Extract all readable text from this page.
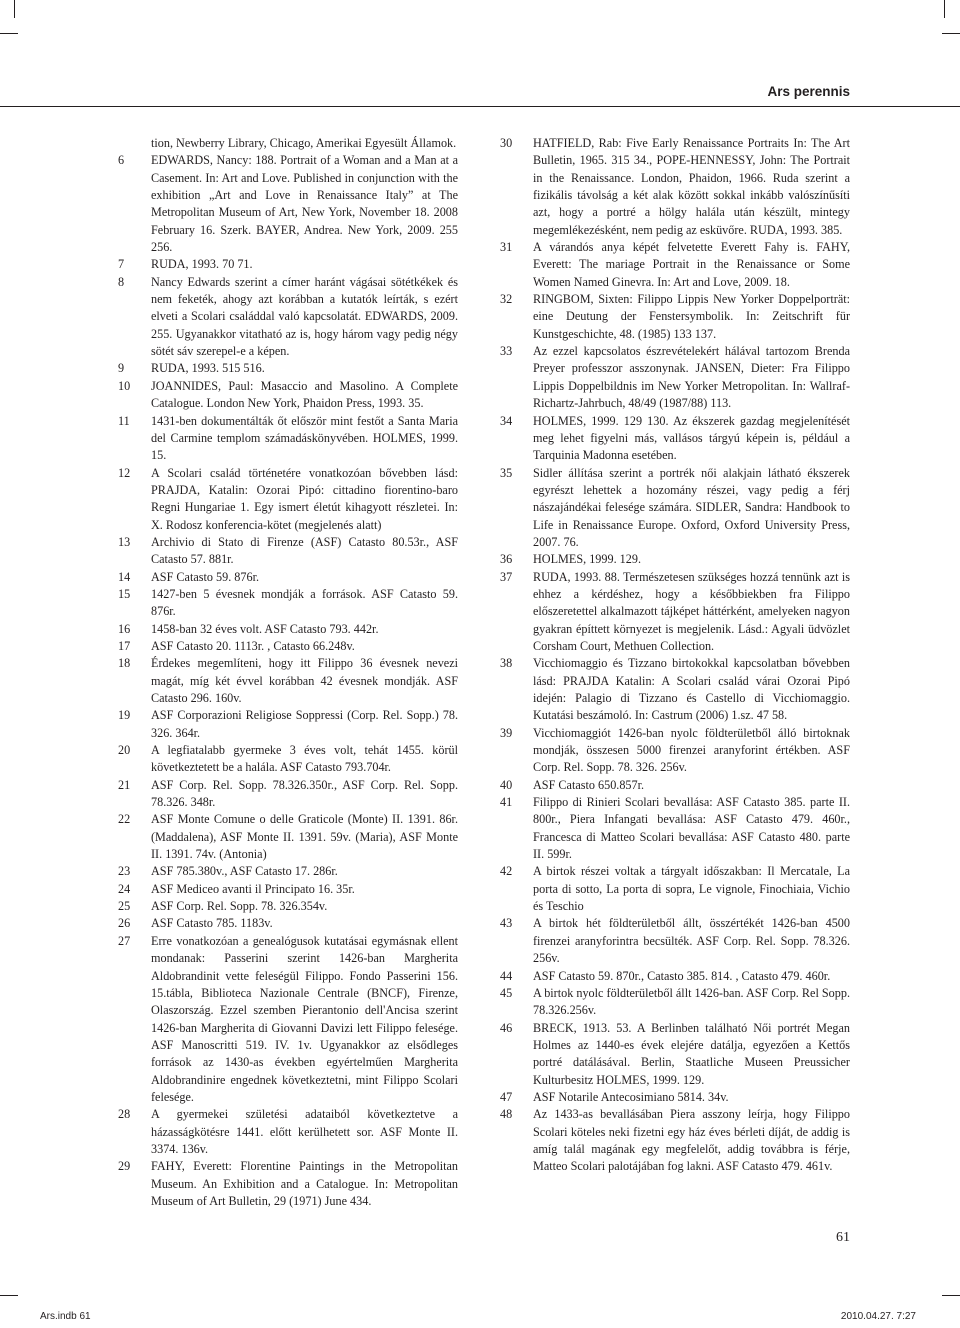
Ars perennis
tion, Newberry Library, Chicago, Amerikai Egyesült Államok.
6	EDWARDS, Nancy: 188. Portrait of a Woman and a Man at a Casement. In: Art and Love. Published in conjunction with the exhibition „Art and Love in Renaissance Italy” at The Metropolitan Museum of Art, New York, November 18. 2008 February 16. Szerk. BAYER, Andrea. New York, 2009. 255 256.
7	RUDA, 1993. 70 71.
8	Nancy Edwards szerint a címer haránt vágásai sötétkékek és nem feketék, ahogy azt korábban a kutatók leírták, s ezért elveti a Scolari családdal való kapcsolatát. EDWARDS, 2009. 255. Ugyanakkor vitatható az is, hogy három vagy pedig négy sötét sáv szerepel-e a képen.
9	RUDA, 1993. 515 516.
10	JOANNIDES, Paul: Masaccio and Masolino. A Complete Catalogue. London New York, Phaidon Press, 1993. 35.
11	1431-ben dokumentálták őt először mint festőt a Santa Maria del Carmine templom számadáskönyvében. HOLMES, 1999. 15.
12	A Scolari család történetére vonatkozóan bővebben lásd: PRAJDA, Katalin: Ozorai Pipó: cittadino fiorentino-baro Regni Hungariae 1. Egy ismert életút kihagyott részletei. In: X. Rodosz konferencia-kötet (megjelenés alatt)
13	Archivio di Stato di Firenze (ASF) Catasto 80.53r., ASF Catasto 57. 881r.
14	ASF Catasto 59. 876r.
15	1427-ben 5 évesnek mondják a források. ASF Catasto 59. 876r.
16	1458-ban 32 éves volt. ASF Catasto 793. 442r.
17	ASF Catasto 20. 1113r. , Catasto 66.248v.
18	Érdekes megemlíteni, hogy itt Filippo 36 évesnek nevezi magát, míg két évvel korábban 42 évesnek mondják. ASF Catasto 296. 160v.
19	ASF Corporazioni Religiose Soppressi (Corp. Rel. Sopp.) 78. 326. 364r.
20	A legfiatalabb gyermeke 3 éves volt, tehát 1455. körül következtetett be a halála. ASF Catasto 793.704r.
21	ASF Corp. Rel. Sopp. 78.326.350r., ASF Corp. Rel. Sopp. 78.326. 348r.
22	ASF Monte Comune o delle Graticole (Monte) II. 1391. 86r. (Maddalena), ASF Monte II. 1391. 59v. (Maria), ASF Monte II. 1391. 74v. (Antonia)
23	ASF 785.380v., ASF Catasto 17. 286r.
24	ASF Mediceo avanti il Principato 16. 35r.
25	ASF Corp. Rel. Sopp. 78. 326.354v.
26	ASF Catasto 785. 1183v.
27	Erre vonatkozóan a genealógusok kutatásai egymásnak ellent mondanak: Passerini szerint 1426-ban Margherita Aldobrandinit vette feleségül Filippo. Fondo Passerini 156. 15.tábla, Biblioteca Nazionale Centrale (BNCF), Firenze, Olaszország. Ezzel szemben Pierantonio dell'Ancisa szerint 1426-ban Margherita di Giovanni Davizi lett Filippo felesége. ASF Manoscritti 519. IV. 1v. Ugyanakkor az elsődleges források az 1430-as években egyértelműen Margherita Aldobrandinire engednek következtetni, mint Filippo Scolari felesége.
28	A gyermekei születési adataiból következtetve a házasságkötésre 1441. előtt kerülhetett sor. ASF Monte II. 3374. 136v.
29	FAHY, Everett: Florentine Paintings in the Metropolitan Museum. An Exhibition and a Catalogue. In: Metropolitan Museum of Art Bulletin, 29 (1971) June 434.
30	HATFIELD, Rab: Five Early Renaissance Portraits In: The Art Bulletin, 1965. 315 34., POPE-HENNESSY, John: The Portrait in the Renaissance. London, Phaidon, 1966. Ruda szerint a fizikális távolság a két alak között sokkal inkább valószínűsíti azt, hogy a portré a hölgy halála után készült, mintegy megemlékezésként, nem pedig az esküvőre. RUDA, 1993. 385.
31	A várandós anya képét felvetette Everett Fahy is. FAHY, Everett: The mariage Portrait in the Renaissance or Some Women Named Ginevra. In: Art and Love, 2009. 18.
32	RINGBOM, Sixten: Filippo Lippis New Yorker Doppelporträt: eine Deutung der Fenstersymbolik. In: Zeitschrift für Kunstgeschichte, 48. (1985) 133 137.
33	Az ezzel kapcsolatos észrevételekért hálával tartozom Brenda Preyer professzor asszonynak. JANSEN, Dieter: Fra Filippo Lippis Doppelbildnis im New Yorker Metropolitan. In: Wallraf-Richartz-Jahrbuch, 48/49 (1987/88) 113.
34	HOLMES, 1999. 129 130. Az ékszerek gazdag megjelenítését meg lehet figyelni más, vallásos tárgyú képein is, például a Tarquinia Madonna esetében.
35	Sidler állítása szerint a portrék női alakjain látható ékszerek egyrészt lehettek a hozomány részei, vagy pedig a férj nászajándékai felesége számára. SIDLER, Sandra: Handbook to Life in Renaissance Europe. Oxford, Oxford University Press, 2007. 76.
36	HOLMES, 1999. 129.
37	RUDA, 1993. 88. Természetesen szükséges hozzá tennünk azt is ehhez a kérdéshez, hogy a későbbiekben fra Filippo előszeretettel alkalmazott tájképet háttérként, amelyeken nagyon gyakran építtett környezet is megjelenik. Lásd.: Agyali üdvözlet Corsham Court, Methuen Collection.
38	Vicchiomaggio és Tizzano birtokokkal kapcsolatban bővebben lásd: PRAJDA Katalin: A Scolari család várai Ozorai Pipó idején: Palagio di Tizzano és Castello di Vicchiomaggio. Kutatási beszámoló. In: Castrum (2006) 1.sz. 47 58.
39	Vicchiomaggiót 1426-ban nyolc földterületből álló birtoknak mondják, összesen 5000 firenzei aranyforint értékben. ASF Corp. Rel. Sopp. 78. 326. 256v.
40	ASF Catasto 650.857r.
41	Filippo di Rinieri Scolari bevallása: ASF Catasto 385. parte II. 800r., Piera Infangati bevallása: ASF Catasto 479. 460r., Francesca di Matteo Scolari bevallása: ASF Catasto 480. parte II. 599r.
42	A birtok részei voltak a tárgyalt időszakban: Il Mercatale, La porta di sotto, La porta di sopra, Le vignole, Finochiaia, Vichio és Teschio
43	A birtok hét földterületből állt, összértékét 1426-ban 4500 firenzei aranyforintra becsülték. ASF Corp. Rel. Sopp. 78.326. 256v.
44	ASF Catasto 59. 870r., Catasto 385. 814. , Catasto 479. 460r.
45	A birtok nyolc földterületből állt 1426-ban. ASF Corp. Rel Sopp. 78.326.256v.
46	BRECK, 1913. 53. A Berlinben található Női portrét Megan Holmes az 1440-es évek elejére datálja, egyezően a Kettős portré datálásával. Berlin, Staatliche Museen Preussicher Kulturbesitz HOLMES, 1999. 129.
47	ASF Notarile Antecosimiano 5814. 34v.
48	Az 1433-as bevallásában Piera asszony leírja, hogy Filippo Scolari köteles neki fizetni egy ház éves bérleti díját, de addig is amíg talál magának egy megfelelőt, addig továbbra is férje, Matteo Scolari palotájában fog lakni. ASF Catasto 479. 461v.
61
Ars.indb 61	2010.04.27. 7:27
